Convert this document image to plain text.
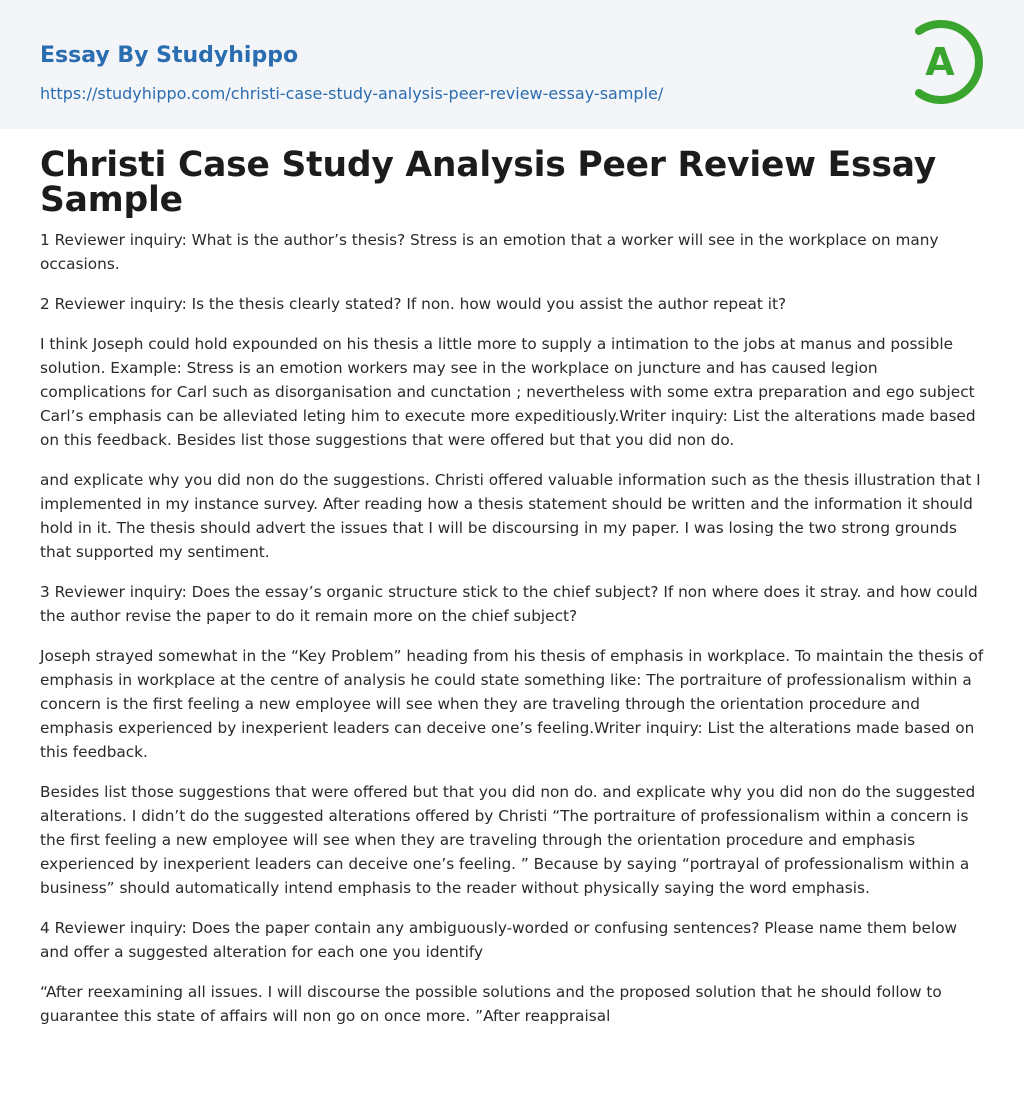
Essay By Studyhippo
https://studyhippo.com/christi-case-study-analysis-peer-review-essay-sample/
A
Christi Case Study Analysis Peer Review Essay Sample

1 Reviewer inquiry: What is the author’s thesis? Stress is an emotion that a worker will see in the workplace on many occasions.

2 Reviewer inquiry: Is the thesis clearly stated? If non. how would you assist the author repeat it?

I think Joseph could hold expounded on his thesis a little more to supply a intimation to the jobs at manus and possible solution. Example: Stress is an emotion workers may see in the workplace on juncture and has caused legion complications for Carl such as disorganisation and cunctation ; nevertheless with some extra preparation and ego subject Carl’s emphasis can be alleviated leting him to execute more expeditiously.Writer inquiry: List the alterations made based on this feedback. Besides list those suggestions that were offered but that you did non do.

and explicate why you did non do the suggestions. Christi offered valuable information such as the thesis illustration that I implemented in my instance survey. After reading how a thesis statement should be written and the information it should hold in it. The thesis should advert the issues that I will be discoursing in my paper. I was losing the two strong grounds that supported my sentiment.

3 Reviewer inquiry: Does the essay’s organic structure stick to the chief subject? If non where does it stray. and how could the author revise the paper to do it remain more on the chief subject?

Joseph strayed somewhat in the “Key Problem” heading from his thesis of emphasis in workplace. To maintain the thesis of emphasis in workplace at the centre of analysis he could state something like: The portraiture of professionalism within a concern is the first feeling a new employee will see when they are traveling through the orientation procedure and emphasis experienced by inexperient leaders can deceive one’s feeling.Writer inquiry: List the alterations made based on this feedback.

Besides list those suggestions that were offered but that you did non do. and explicate why you did non do the suggested alterations. I didn’t do the suggested alterations offered by Christi “The portraiture of professionalism within a concern is the first feeling a new employee will see when they are traveling through the orientation procedure and emphasis experienced by inexperient leaders can deceive one’s feeling. ” Because by saying “portrayal of professionalism within a business” should automatically intend emphasis to the reader without physically saying the word emphasis.

4 Reviewer inquiry: Does the paper contain any ambiguously-worded or confusing sentences? Please name them below and offer a suggested alteration for each one you identify

“After reexamining all issues. I will discourse the possible solutions and the proposed solution that he should follow to guarantee this state of affairs will non go on once more. ”After reappraisal
